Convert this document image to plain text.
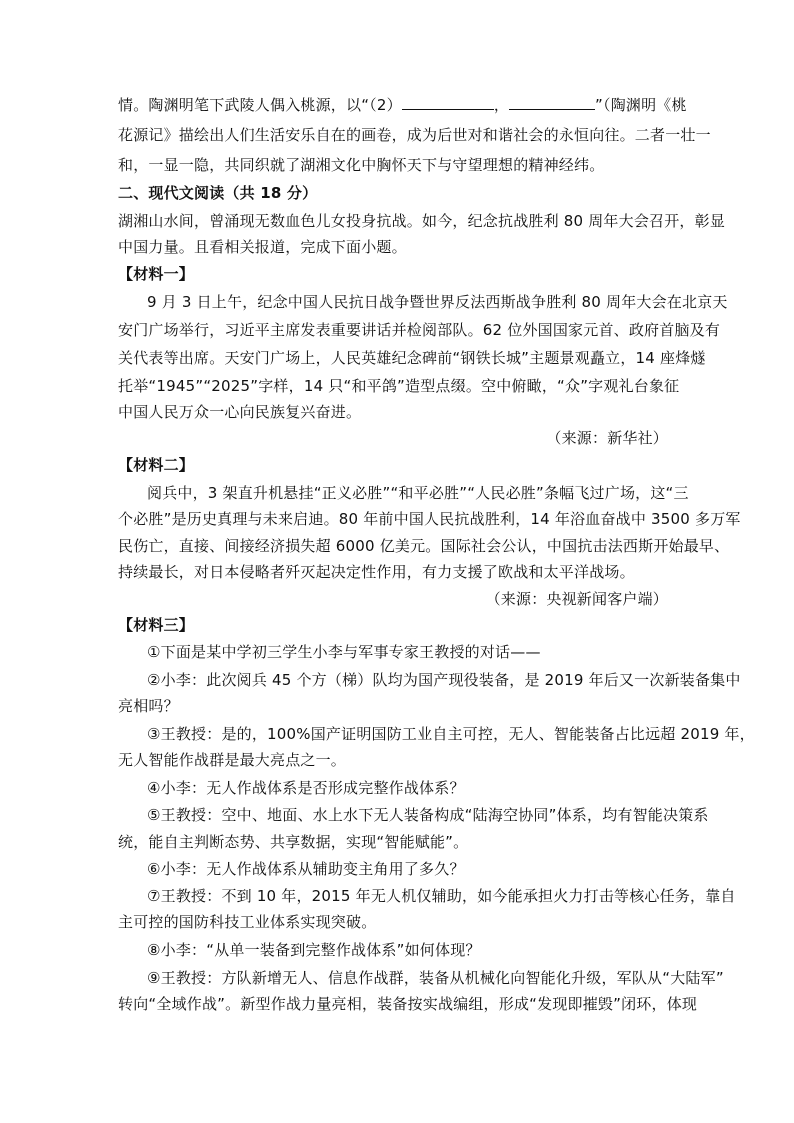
情。陶渊明笔下武陵人偶入桃源，以“（2）	，	”（陶渊明《桃
花源记》描绘出人们生活安乐自在的画卷，成为后世对和谐社会的永恒向往。二者一壮一
和，一显一隐，共同织就了湖湘文化中胸怀天下与守望理想的精神经纬。
二、现代文阅读（共 18 分）
湖湘山水间，曾涌现无数血色儿女投身抗战。如今，纪念抗战胜利 80 周年大会召开，彰显
中国力量。且看相关报道，完成下面小题。
【材料一】
9 月 3 日上午，纪念中国人民抗日战争暨世界反法西斯战争胜利 80 周年大会在北京天
安门广场举行，习近平主席发表重要讲话并检阅部队。62 位外国国家元首、政府首脑及有
关代表等出席。天安门广场上，人民英雄纪念碑前“钢铁长城”主题景观矗立，14 座烽燧
托举“1945”“2025”字样，14 只“和平鸽”造型点缀。空中俯瞰，“众”字观礼台象征
中国人民万众一心向民族复兴奋进。
（来源：新华社）
【材料二】
阅兵中，3 架直升机悬挂“正义必胜”“和平必胜”“人民必胜”条幅飞过广场，这“三
个必胜”是历史真理与未来启迪。80 年前中国人民抗战胜利，14 年浴血奋战中 3500 多万军
民伤亡，直接、间接经济损失超 6000 亿美元。国际社会公认，中国抗击法西斯开始最早、
持续最长，对日本侵略者歼灭起决定性作用，有力支援了欧战和太平洋战场。
（来源：央视新闻客户端）
【材料三】
①下面是某中学初三学生小李与军事专家王教授的对话——
②小李：此次阅兵 45 个方（梯）队均为国产现役装备，是 2019 年后又一次新装备集中
亮相吗？
③王教授：是的，100%国产证明国防工业自主可控，无人、智能装备占比远超 2019 年，
无人智能作战群是最大亮点之一。
④小李：无人作战体系是否形成完整作战体系？
⑤王教授：空中、地面、水上水下无人装备构成“陆海空协同”体系，均有智能决策系
统，能自主判断态势、共享数据，实现“智能赋能”。
⑥小李：无人作战体系从辅助变主角用了多久？
⑦王教授：不到 10 年，2015 年无人机仅辅助，如今能承担火力打击等核心任务，靠自
主可控的国防科技工业体系实现突破。
⑧小李：“从单一装备到完整作战体系”如何体现？
⑨王教授：方队新增无人、信息作战群，装备从机械化向智能化升级，军队从“大陆军”
转向“全域作战”。新型作战力量亮相，装备按实战编组，形成“发现即摧毁”闭环，体现
